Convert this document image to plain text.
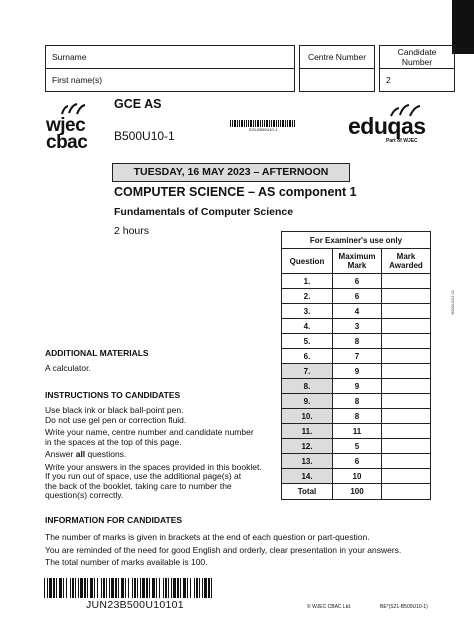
Surname		Centre Number		Candidate Number
First name(s)				2
wjec
cbac
eduqas
Part of WJEC
GCE AS
B500U10-1	S23-B500U10-1
TUESDAY, 16 MAY 2023 – AFTERNOON
COMPUTER SCIENCE – AS component 1
Fundamentals of Computer Science
2 hours
For Examiner's use only		
Question	Maximum Mark	Mark Awarded
1.	6	
2.	6	
3.	4	
4.	3	
5.	8	
6.	7	
7.	9	
8.	9	
9.	8	
10.	8	
11.	11	
12.	5	
13.	6	
14.	10	
Total	100	
B500U101 01
ADDITIONAL MATERIALS
A calculator.
INSTRUCTIONS TO CANDIDATES
Use black ink or black ball-point pen.
Do not use gel pen or correction fluid.
Write your name, centre number and candidate number
in the spaces at the top of this page.
Answer all questions.
Write your answers in the spaces provided in this booklet.
If you run out of space, use the additional page(s) at
the back of the booklet, taking care to number the
question(s) correctly.
INFORMATION FOR CANDIDATES
The number of marks is given in brackets at the end of each question or part-question.
You are reminded of the need for good English and orderly, clear presentation in your answers.
The total number of marks available is 100.
JUN23B500U10101	© WJEC CBAC Ltd.	BE*(S21-B500U10-1)
